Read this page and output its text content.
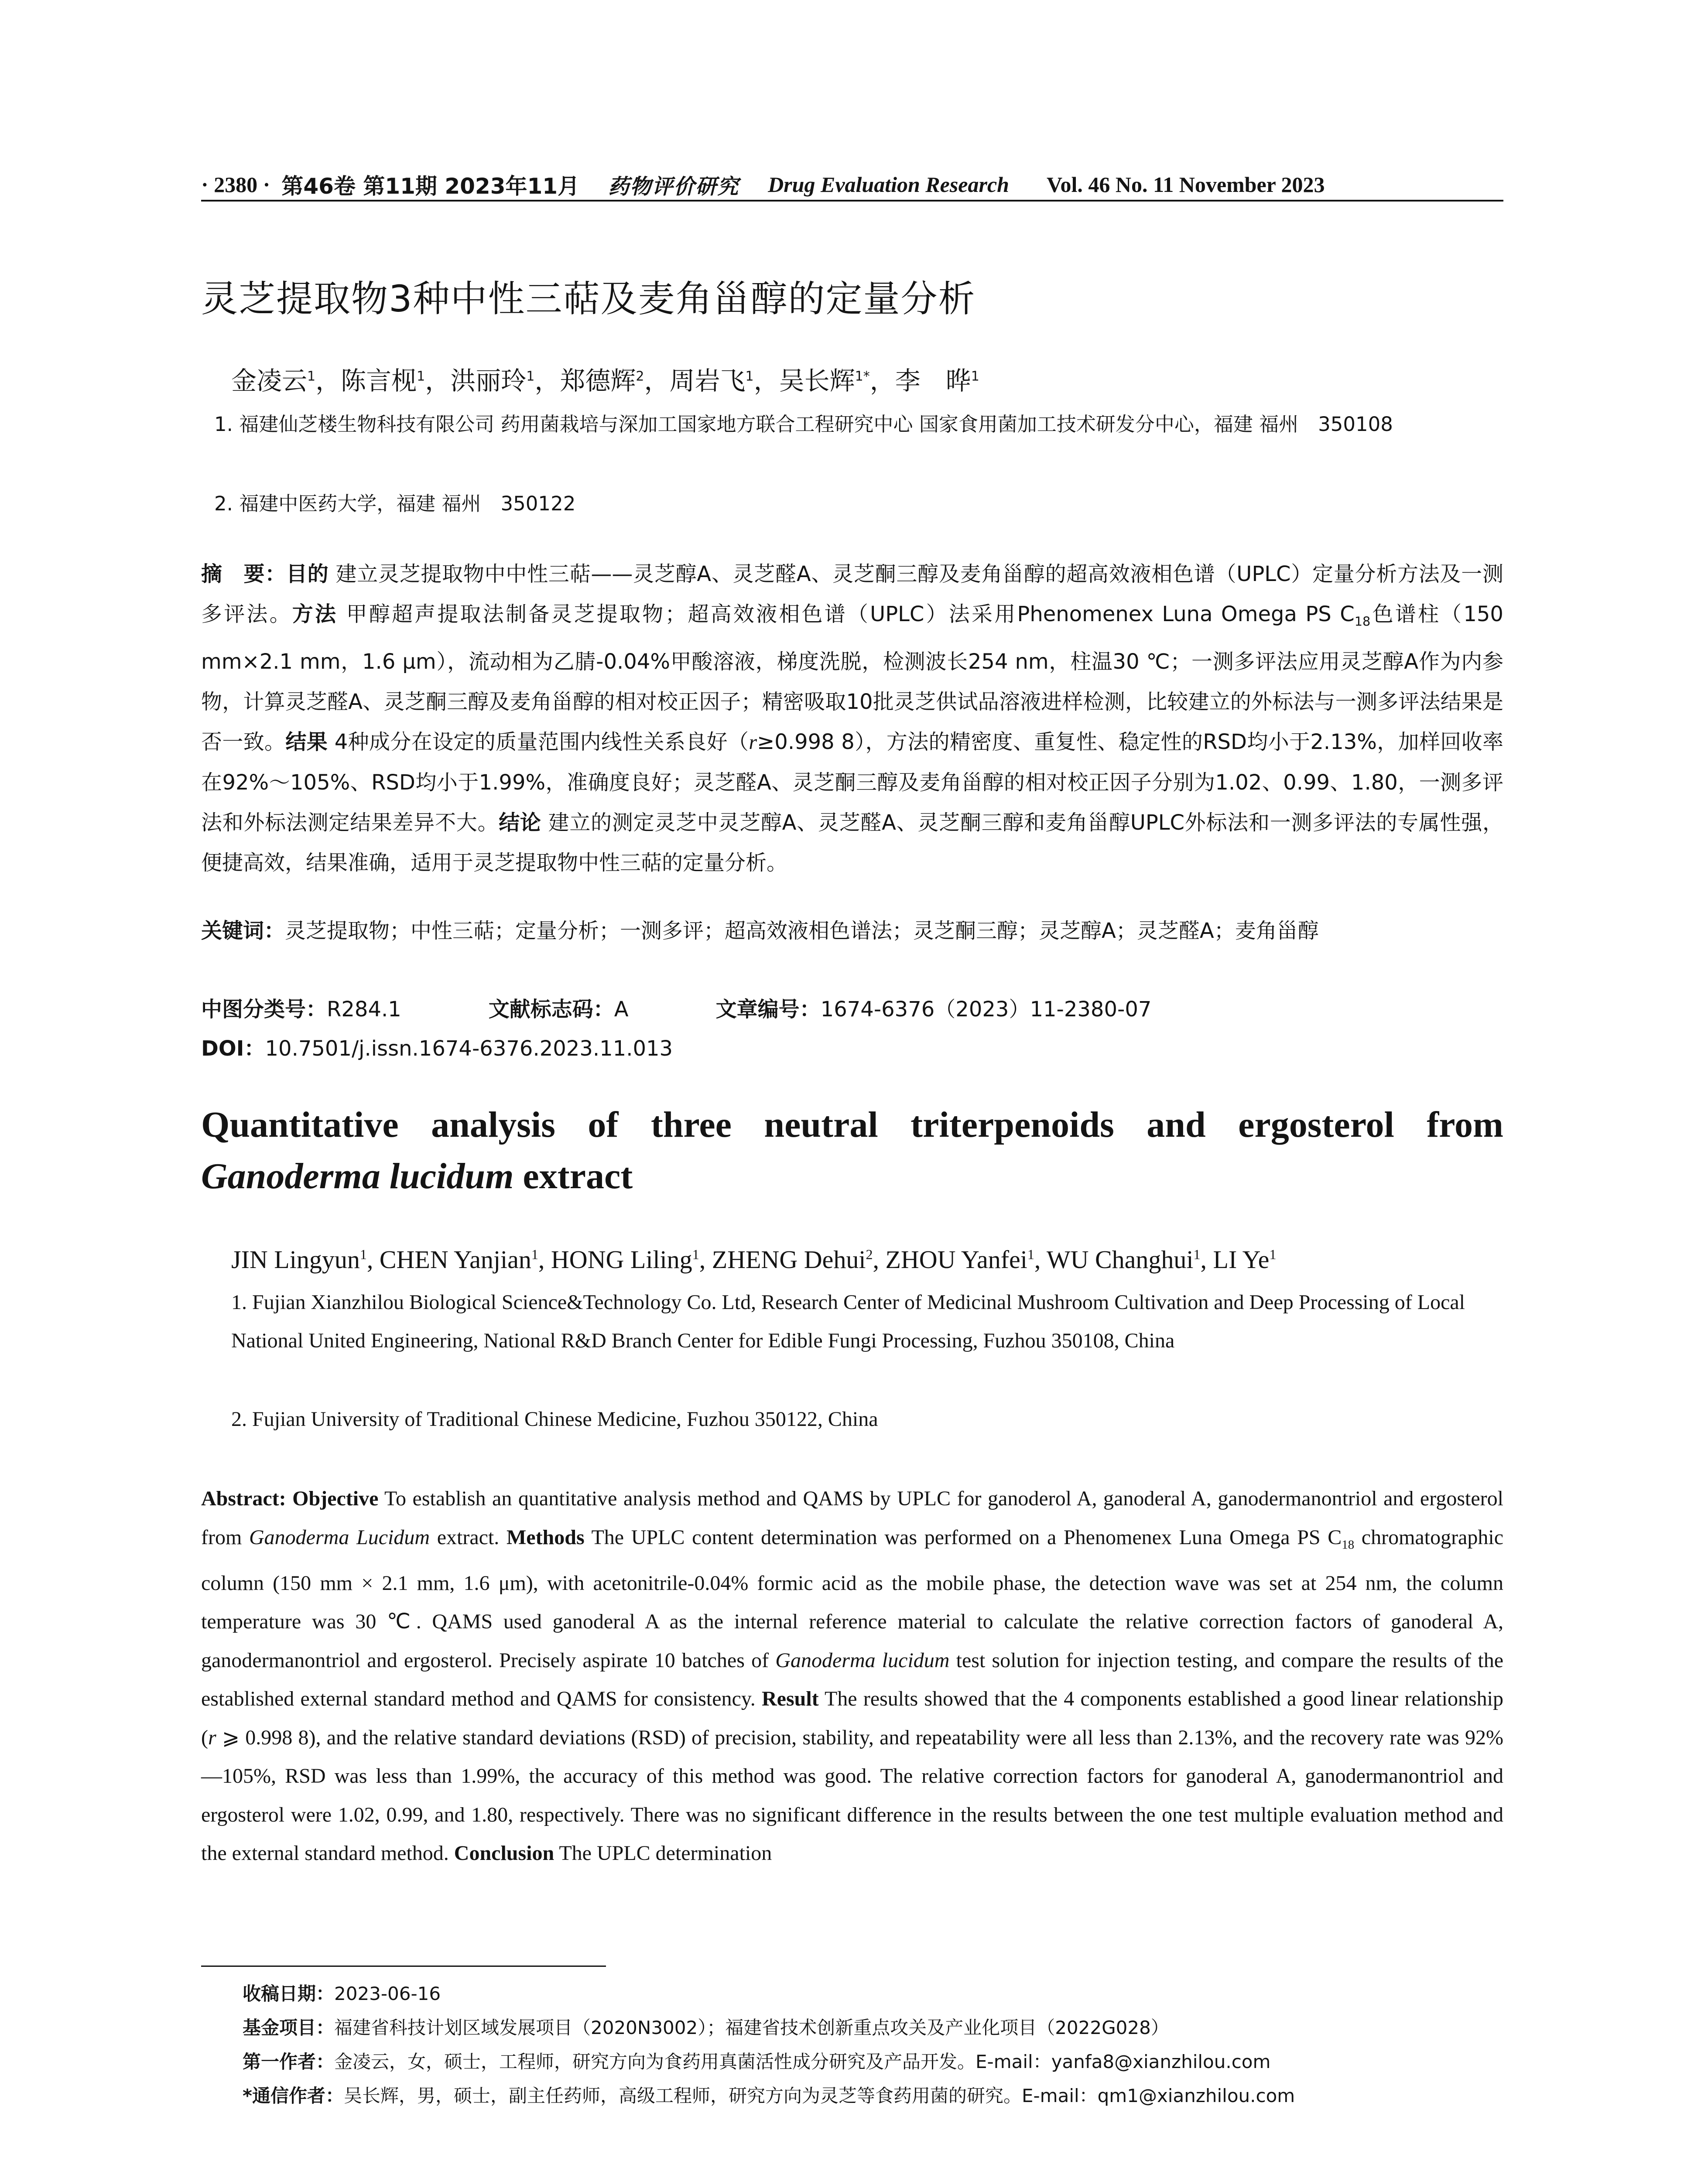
· 2380 · 第46卷 第11期 2023年11月 药物评价研究 Drug Evaluation Research Vol. 46 No. 11 November 2023
灵芝提取物3种中性三萜及麦角甾醇的定量分析
金凌云$^1$，陈言枧$^1$，洪丽玲$^1$，郑德辉$^2$，周岩飞$^1$，吴长辉$^{1*}$，李　晔$^1$
1. 福建仙芝楼生物科技有限公司 药用菌栽培与深加工国家地方联合工程研究中心 国家食用菌加工技术研发分中心，福建 福州　350108
2. 福建中医药大学，福建 福州　350122
摘　要：目的 建立灵芝提取物中中性三萜——灵芝醇A、灵芝醛A、灵芝酮三醇及麦角甾醇的超高效液相色谱（UPLC）定量分析方法及一测多评法。方法 甲醇超声提取法制备灵芝提取物；超高效液相色谱（UPLC）法采用Phenomenex Luna Omega PS $C_{18}$色谱柱（150 mm×2.1 mm，1.6 μm），流动相为乙腈-0.04%甲酸溶液，梯度洗脱，检测波长254 nm，柱温30 ℃；一测多评法应用灵芝醇A作为内参物，计算灵芝醛A、灵芝酮三醇及麦角甾醇的相对校正因子；精密吸取10批灵芝供试品溶液进样检测，比较建立的外标法与一测多评法结果是否一致。结果 4种成分在设定的质量范围内线性关系良好（r≥0.998 8），方法的精密度、重复性、稳定性的RSD均小于2.13%，加样回收率在92%～105%、RSD均小于1.99%，准确度良好；灵芝醛A、灵芝酮三醇及麦角甾醇的相对校正因子分别为1.02、0.99、1.80，一测多评法和外标法测定结果差异不大。结论 建立的测定灵芝中灵芝醇A、灵芝醛A、灵芝酮三醇和麦角甾醇UPLC外标法和一测多评法的专属性强，便捷高效，结果准确，适用于灵芝提取物中性三萜的定量分析。
关键词：灵芝提取物；中性三萜；定量分析；一测多评；超高效液相色谱法；灵芝酮三醇；灵芝醇A；灵芝醛A；麦角甾醇
中图分类号：R284.1	文献标志码：A	文章编号：1674-6376（2023）11-2380-07
DOI：10.7501/j.issn.1674-6376.2023.11.013
Quantitative analysis of three neutral triterpenoids and ergosterol from
Ganoderma lucidum extract
JIN Lingyun$^1$, CHEN Yanjian$^1$, HONG Liling$^1$, ZHENG Dehui$^2$, ZHOU Yanfei$^1$, WU Changhui$^1$, LI Ye$^1$
1. Fujian Xianzhilou Biological Science&Technology Co. Ltd, Research Center of Medicinal Mushroom Cultivation and Deep Processing of Local National United Engineering, National R&D Branch Center for Edible Fungi Processing, Fuzhou 350108, China
2. Fujian University of Traditional Chinese Medicine, Fuzhou 350122, China
Abstract: Objective To establish an quantitative analysis method and QAMS by UPLC for ganoderol A, ganoderal A, ganodermanontriol and ergosterol from Ganoderma Lucidum extract. Methods The UPLC content determination was performed on a Phenomenex Luna Omega PS $C_{18}$ chromatographic column (150 mm × 2.1 mm, 1.6 μm), with acetonitrile-0.04% formic acid as the mobile phase, the detection wave was set at 254 nm, the column temperature was 30 ℃. QAMS used ganoderal A as the internal reference material to calculate the relative correction factors of ganoderal A, ganodermanontriol and ergosterol. Precisely aspirate 10 batches of Ganoderma lucidum test solution for injection testing, and compare the results of the established external standard method and QAMS for consistency. Result The results showed that the 4 components established a good linear relationship (r ⩾ 0.998 8), and the relative standard deviations (RSD) of precision, stability, and repeatability were all less than 2.13%, and the recovery rate was 92%—105%, RSD was less than 1.99%, the accuracy of this method was good. The relative correction factors for ganoderal A, ganodermanontriol and ergosterol were 1.02, 0.99, and 1.80, respectively. There was no significant difference in the results between the one test multiple evaluation method and the external standard method. Conclusion The UPLC determination
收稿日期：2023-06-16
基金项目：福建省科技计划区域发展项目（2020N3002）；福建省技术创新重点攻关及产业化项目（2022G028）
第一作者：金凌云，女，硕士，工程师，研究方向为食药用真菌活性成分研究及产品开发。E-mail：yanfa8@xianzhilou.com
*通信作者：吴长辉，男，硕士，副主任药师，高级工程师，研究方向为灵芝等食药用菌的研究。E-mail：qm1@xianzhilou.com
